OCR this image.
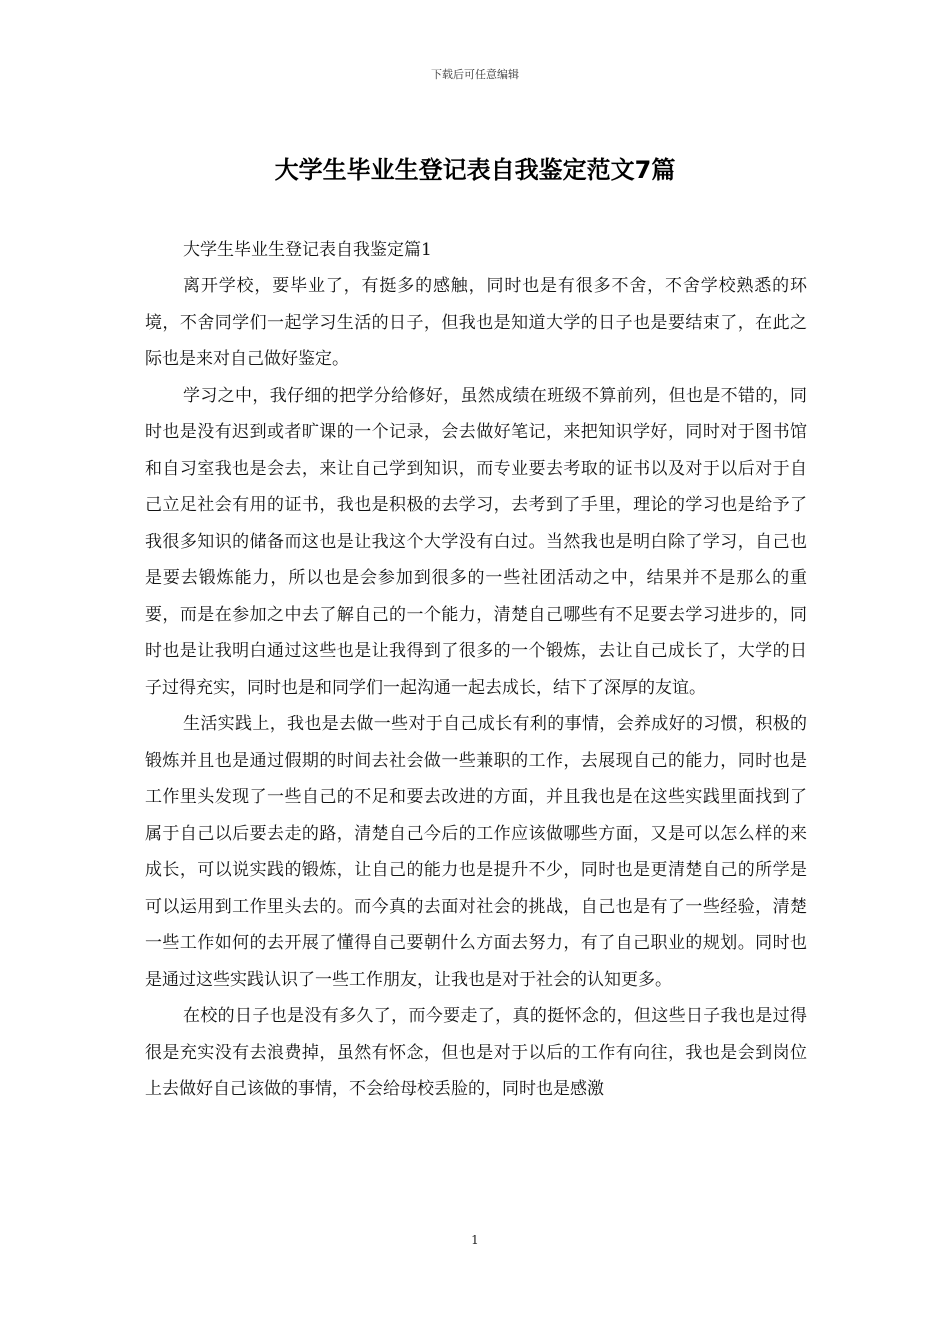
下载后可任意编辑
大学生毕业生登记表自我鉴定范文7篇

大学生毕业生登记表自我鉴定篇1

离开学校，要毕业了，有挺多的感触，同时也是有很多不舍，不舍学校熟悉的环境，不舍同学们一起学习生活的日子，但我也是知道大学的日子也是要结束了，在此之际也是来对自己做好鉴定。

学习之中，我仔细的把学分给修好，虽然成绩在班级不算前列，但也是不错的，同时也是没有迟到或者旷课的一个记录，会去做好笔记，来把知识学好，同时对于图书馆和自习室我也是会去，来让自己学到知识，而专业要去考取的证书以及对于以后对于自己立足社会有用的证书，我也是积极的去学习，去考到了手里，理论的学习也是给予了我很多知识的储备而这也是让我这个大学没有白过。当然我也是明白除了学习，自己也是要去锻炼能力，所以也是会参加到很多的一些社团活动之中，结果并不是那么的重要，而是在参加之中去了解自己的一个能力，清楚自己哪些有不足要去学习进步的，同时也是让我明白通过这些也是让我得到了很多的一个锻炼，去让自己成长了，大学的日子过得充实，同时也是和同学们一起沟通一起去成长，结下了深厚的友谊。

生活实践上，我也是去做一些对于自己成长有利的事情，会养成好的习惯，积极的锻炼并且也是通过假期的时间去社会做一些兼职的工作，去展现自己的能力，同时也是工作里头发现了一些自己的不足和要去改进的方面，并且我也是在这些实践里面找到了属于自己以后要去走的路，清楚自己今后的工作应该做哪些方面，又是可以怎么样的来成长，可以说实践的锻炼，让自己的能力也是提升不少，同时也是更清楚自己的所学是可以运用到工作里头去的。而今真的去面对社会的挑战，自己也是有了一些经验，清楚一些工作如何的去开展了懂得自己要朝什么方面去努力，有了自己职业的规划。同时也是通过这些实践认识了一些工作朋友，让我也是对于社会的认知更多。

在校的日子也是没有多久了，而今要走了，真的挺怀念的，但这些日子我也是过得很是充实没有去浪费掉，虽然有怀念，但也是对于以后的工作有向往，我也是会到岗位上去做好自己该做的事情，不会给母校丢脸的，同时也是感激

1
